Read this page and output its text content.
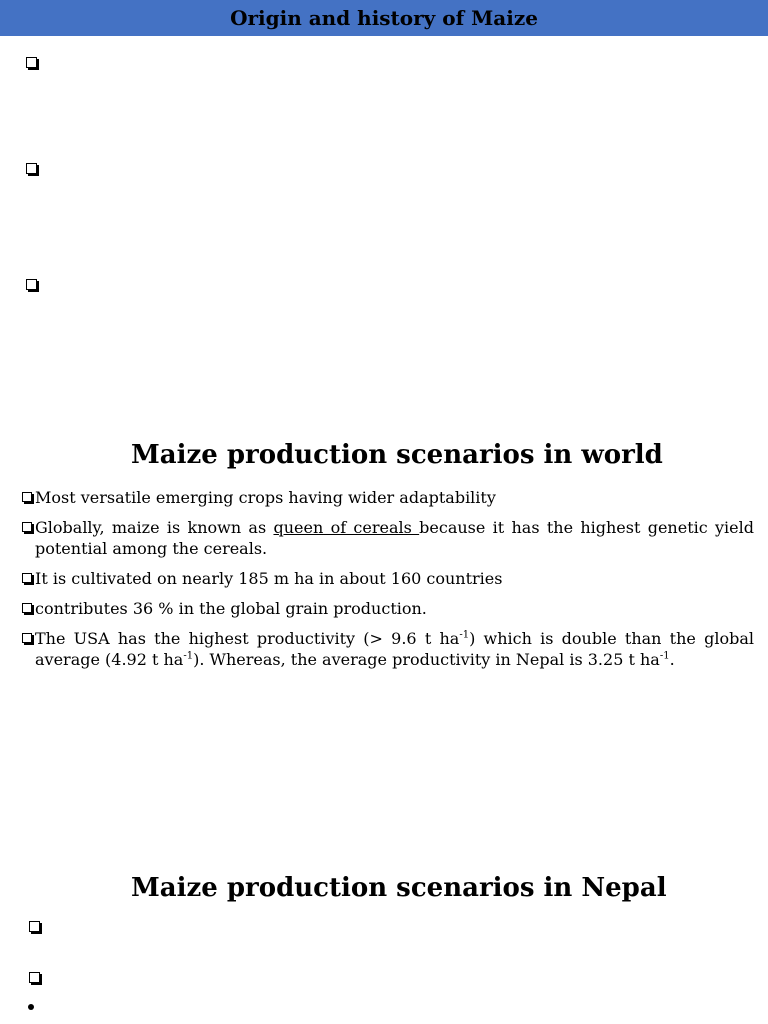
Origin and history of Maize
Maize production scenarios in world
Most versatile emerging crops having wider adaptability
Globally, maize is known as queen of cereals because it has the highest genetic yield potential among the cereals.
It is cultivated on nearly 185 m ha in about 160 countries
contributes 36 % in the global grain production.
The USA has the highest productivity (> 9.6 t $ha^{-1}$) which is double than the global average (4.92 t $ha^{-1}$). Whereas, the average productivity in Nepal is 3.25 t $ha^{-1}$.
Maize production scenarios in Nepal
